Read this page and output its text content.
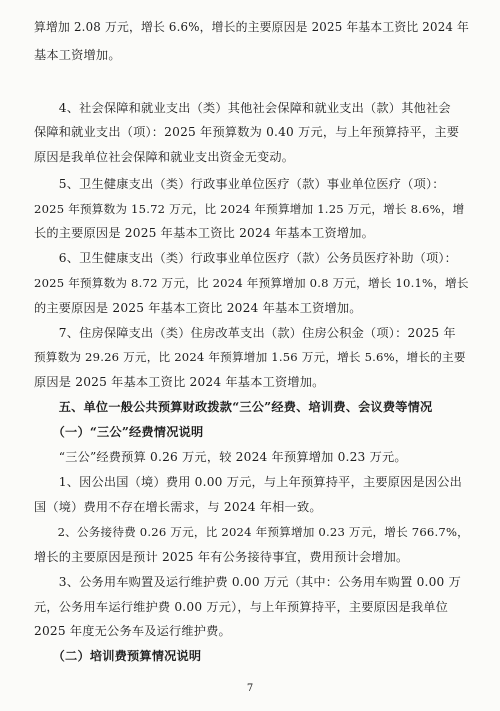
算增加 2.08 万元，增长 6.6%，增长的主要原因是 2025 年基本工资比 2024 年
基本工资增加。
　　4、社会保障和就业支出（类）其他社会保障和就业支出（款）其他社会
保障和就业支出（项）：2025 年预算数为 0.40 万元，与上年预算持平，主要
原因是我单位社会保障和就业支出资金无变动。
　　5、卫生健康支出（类）行政事业单位医疗（款）事业单位医疗（项）：
2025 年预算数为 15.72 万元，比 2024 年预算增加 1.25 万元，增长 8.6%，增
长的主要原因是 2025 年基本工资比 2024 年基本工资增加。
　　6、卫生健康支出（类）行政事业单位医疗（款）公务员医疗补助（项）：
2025 年预算数为 8.72 万元，比 2024 年预算增加 0.8 万元，增长 10.1%，增长
的主要原因是 2025 年基本工资比 2024 年基本工资增加。
　　7、住房保障支出（类）住房改革支出（款）住房公积金（项）：2025 年
预算数为 29.26 万元，比 2024 年预算增加 1.56 万元，增长 5.6%，增长的主要
原因是 2025 年基本工资比 2024 年基本工资增加。
　　五、单位一般公共预算财政拨款“三公”经费、培训费、会议费等情况
　　（一）“三公”经费情况说明
　　“三公”经费预算 0.26 万元，较 2024 年预算增加 0.23 万元。
　　1、因公出国（境）费用 0.00 万元，与上年预算持平，主要原因是因公出
国（境）费用不存在增长需求，与 2024 年相一致。
　　2、公务接待费 0.26 万元，比 2024 年预算增加 0.23 万元，增长 766.7%，
增长的主要原因是预计 2025 年有公务接待事宜，费用预计会增加。
　　3、公务用车购置及运行维护费 0.00 万元（其中：公务用车购置 0.00 万
元，公务用车运行维护费 0.00 万元），与上年预算持平，主要原因是我单位
2025 年度无公务车及运行维护费。
　　（二）培训费预算情况说明
7
